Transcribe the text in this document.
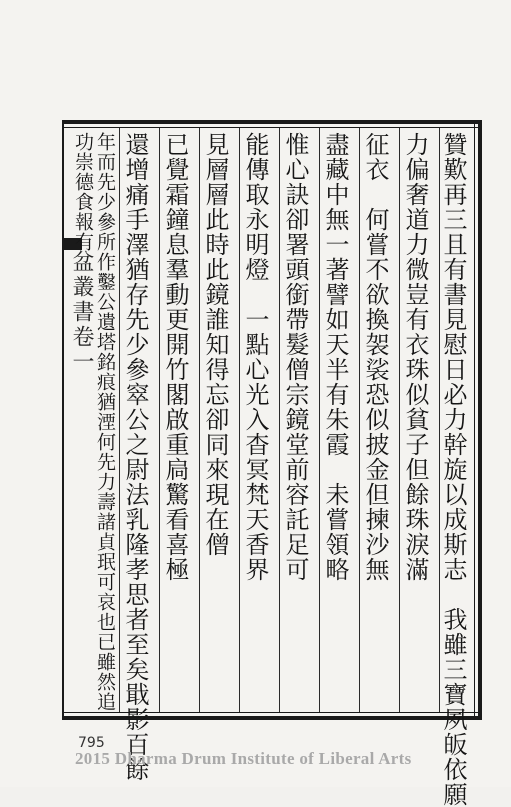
盆叢書卷一	贊歎再三且有書見慰日必力幹旋以成斯志　我雖三寶夙皈依願
力偏奢道力微豈有衣珠似貧子但餘珠淚滿
征衣　何嘗不欲換袈裟恐似披金但揀沙無
盡藏中無一著譬如天半有朱霞　未嘗領略
惟心訣卻署頭銜帶髮僧宗鏡堂前容託足可
能傳取永明燈　一點心光入杳冥梵天香界
見層層此時此鏡誰知得忘卻同來現在僧
已覺霜鐘息羣動更開竹閣啟重扃驚看喜極
還增痛手澤猶存先少參窣公之尉法乳隆孝思者至矣戢影百餘
年而先少參所作鑿公遺塔銘痕猶湮何先力壽諸貞珉可哀也已雖然追功崇德食報有
795
2015 Dharma Drum Institute of Liberal Arts
